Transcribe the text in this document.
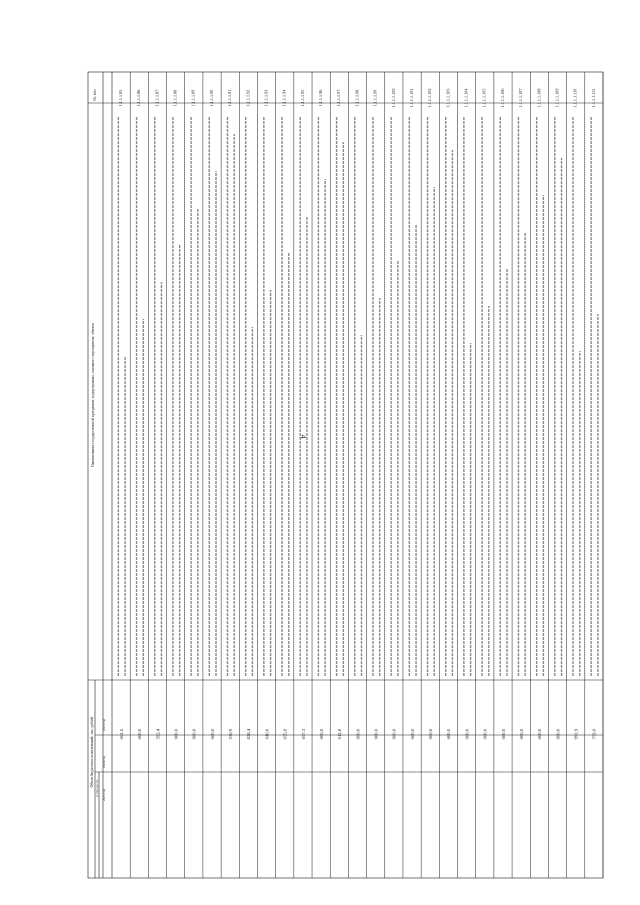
4
№ п/п
Наименование государственной программы, подпрограммы, основного мероприятия, объекта
Объем бюджетных ассигнований, тыс. рублей
в том числе:
2023 год
2024 год
2025 год
1.1.1.1.85
662,6
1.1.1.1.86
600,0
1.1.1.1.87
592,4
1.1.1.1.88
600,0
1.1.1.1.89
600,0
1.1.1.1.90
600,0
1.1.1.1.91
530,9
1.1.1.1.92
828,4
1.1.1.1.93
640,0
1.1.1.1.94
655,0
1.1.1.1.95
657,3
1.1.1.1.96
600,0
1.1.1.1.97
612,8
1.1.1.1.98
600,0
1.1.1.1.99
600,0
1.1.1.1.100
600,0
1.1.1.1.101
600,0
1.1.1.1.102
600,0
1.1.1.1.103
600,0
1.1.1.1.104
600,0
1.1.1.1.105
600,0
1.1.1.1.106
600,0
1.1.1.1.107
600,0
1.1.1.1.108
600,0
1.1.1.1.109
600,0
1.1.1.1.110
991,9
1.1.1.1.111
753,0
